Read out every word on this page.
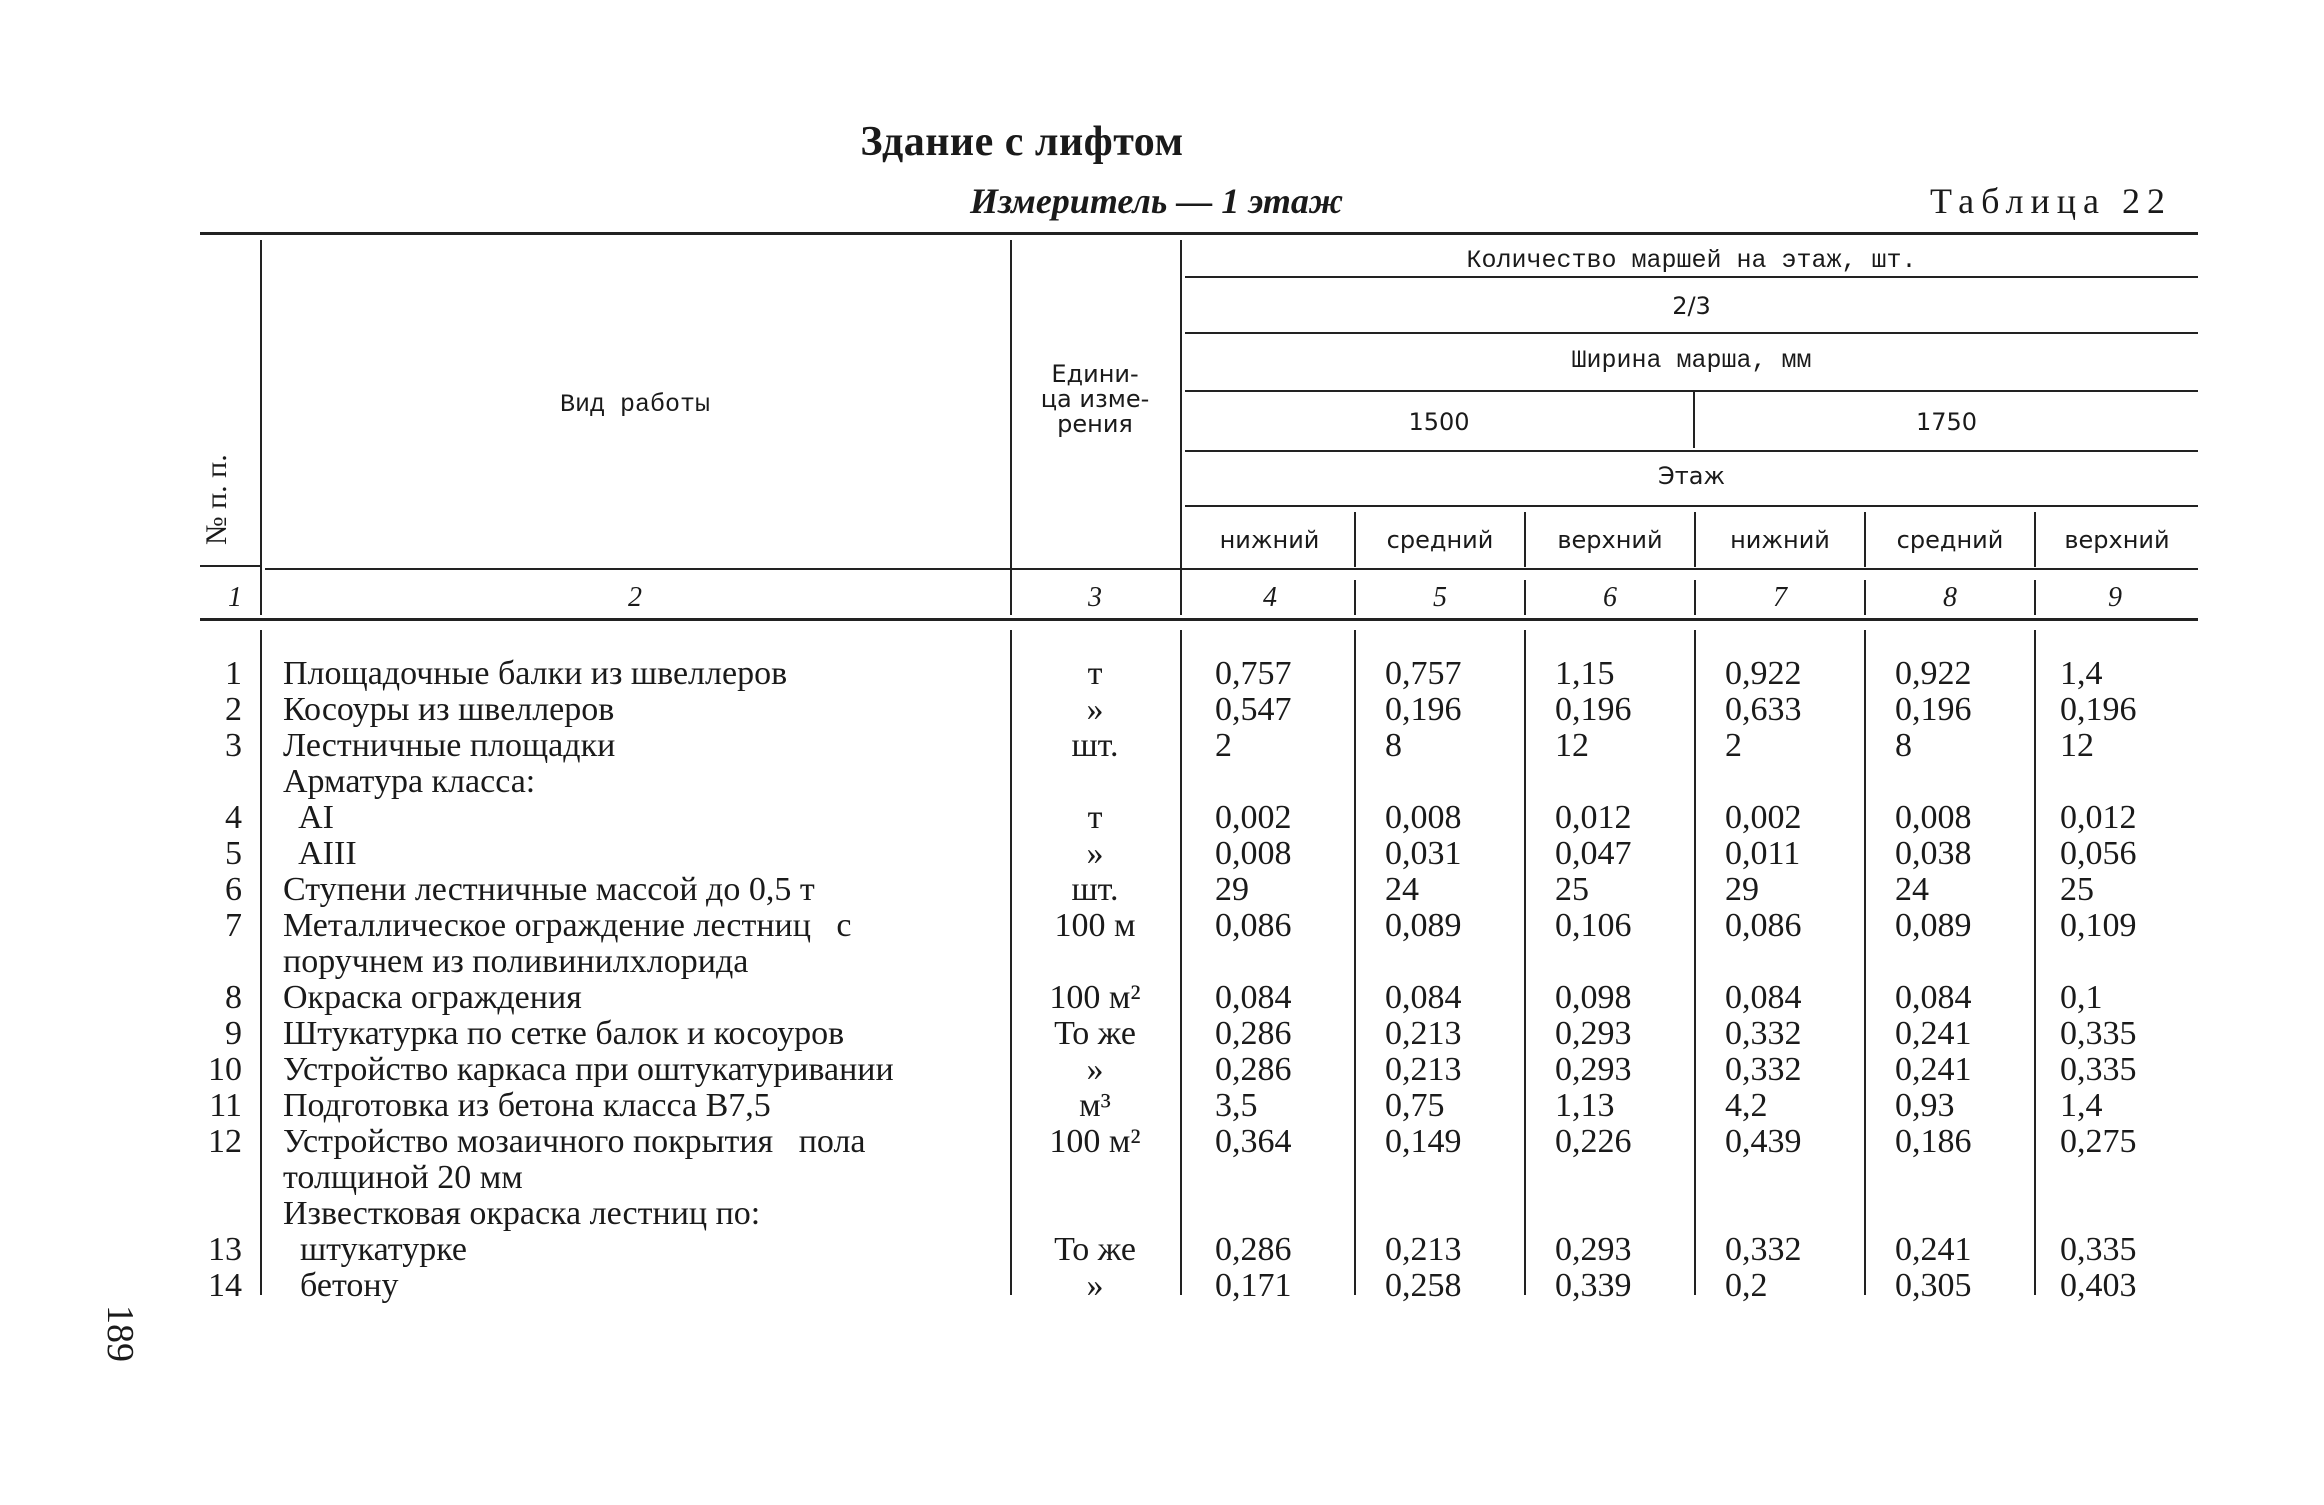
Здание с лифтом
Измеритель — 1 этаж	Таблица 22
№ п. п.
Вид работы
Едини-
ца изме-
рения
Количество маршей на этаж, шт.
2/3
Ширина марша, мм
1500	1750
Этаж
нижний	средний	верхний	нижний	средний	верхний
1	2	3	4	5	6	7	8	9
1 Площадочные балки из швеллеров	т	0,757	0,757	1,15	0,922	0,922	1,4
2 Косоуры из швеллеров	»	0,547	0,196	0,196	0,633	0,196	0,196
3 Лестничные площадки	шт.	2	8	12	2	8	12
Арматура класса:
4 AI	т	0,002	0,008	0,012	0,002	0,008	0,012
5 AIII	»	0,008	0,031	0,047	0,011	0,038	0,056
6 Ступени лестничные массой до 0,5 т	шт.	29	24	25	29	24	25
7 Металлическое ограждение лестниц   с
поручнем из поливинилхлорида
100 м	0,086	0,089	0,106	0,086	0,089	0,109
8 Окраска ограждения	100 м²	0,084	0,084	0,098	0,084	0,084	0,1
9 Штукатурка по сетке балок и косоуров	То же	0,286	0,213	0,293	0,332	0,241	0,335
10 Устройство каркаса при оштукатуривании	»	0,286	0,213	0,293	0,332	0,241	0,335
11 Подготовка из бетона класса В7,5	м³	3,5	0,75	1,13	4,2	0,93	1,4
12 Устройство мозаичного покрытия   пола
толщиной 20 мм
100 м²	0,364	0,149	0,226	0,439	0,186	0,275
Известковая окраска лестниц по:
13 штукатурке	То же	0,286	0,213	0,293	0,332	0,241	0,335
14 бетону	»	0,171	0,258	0,339	0,2	0,305	0,403
189
